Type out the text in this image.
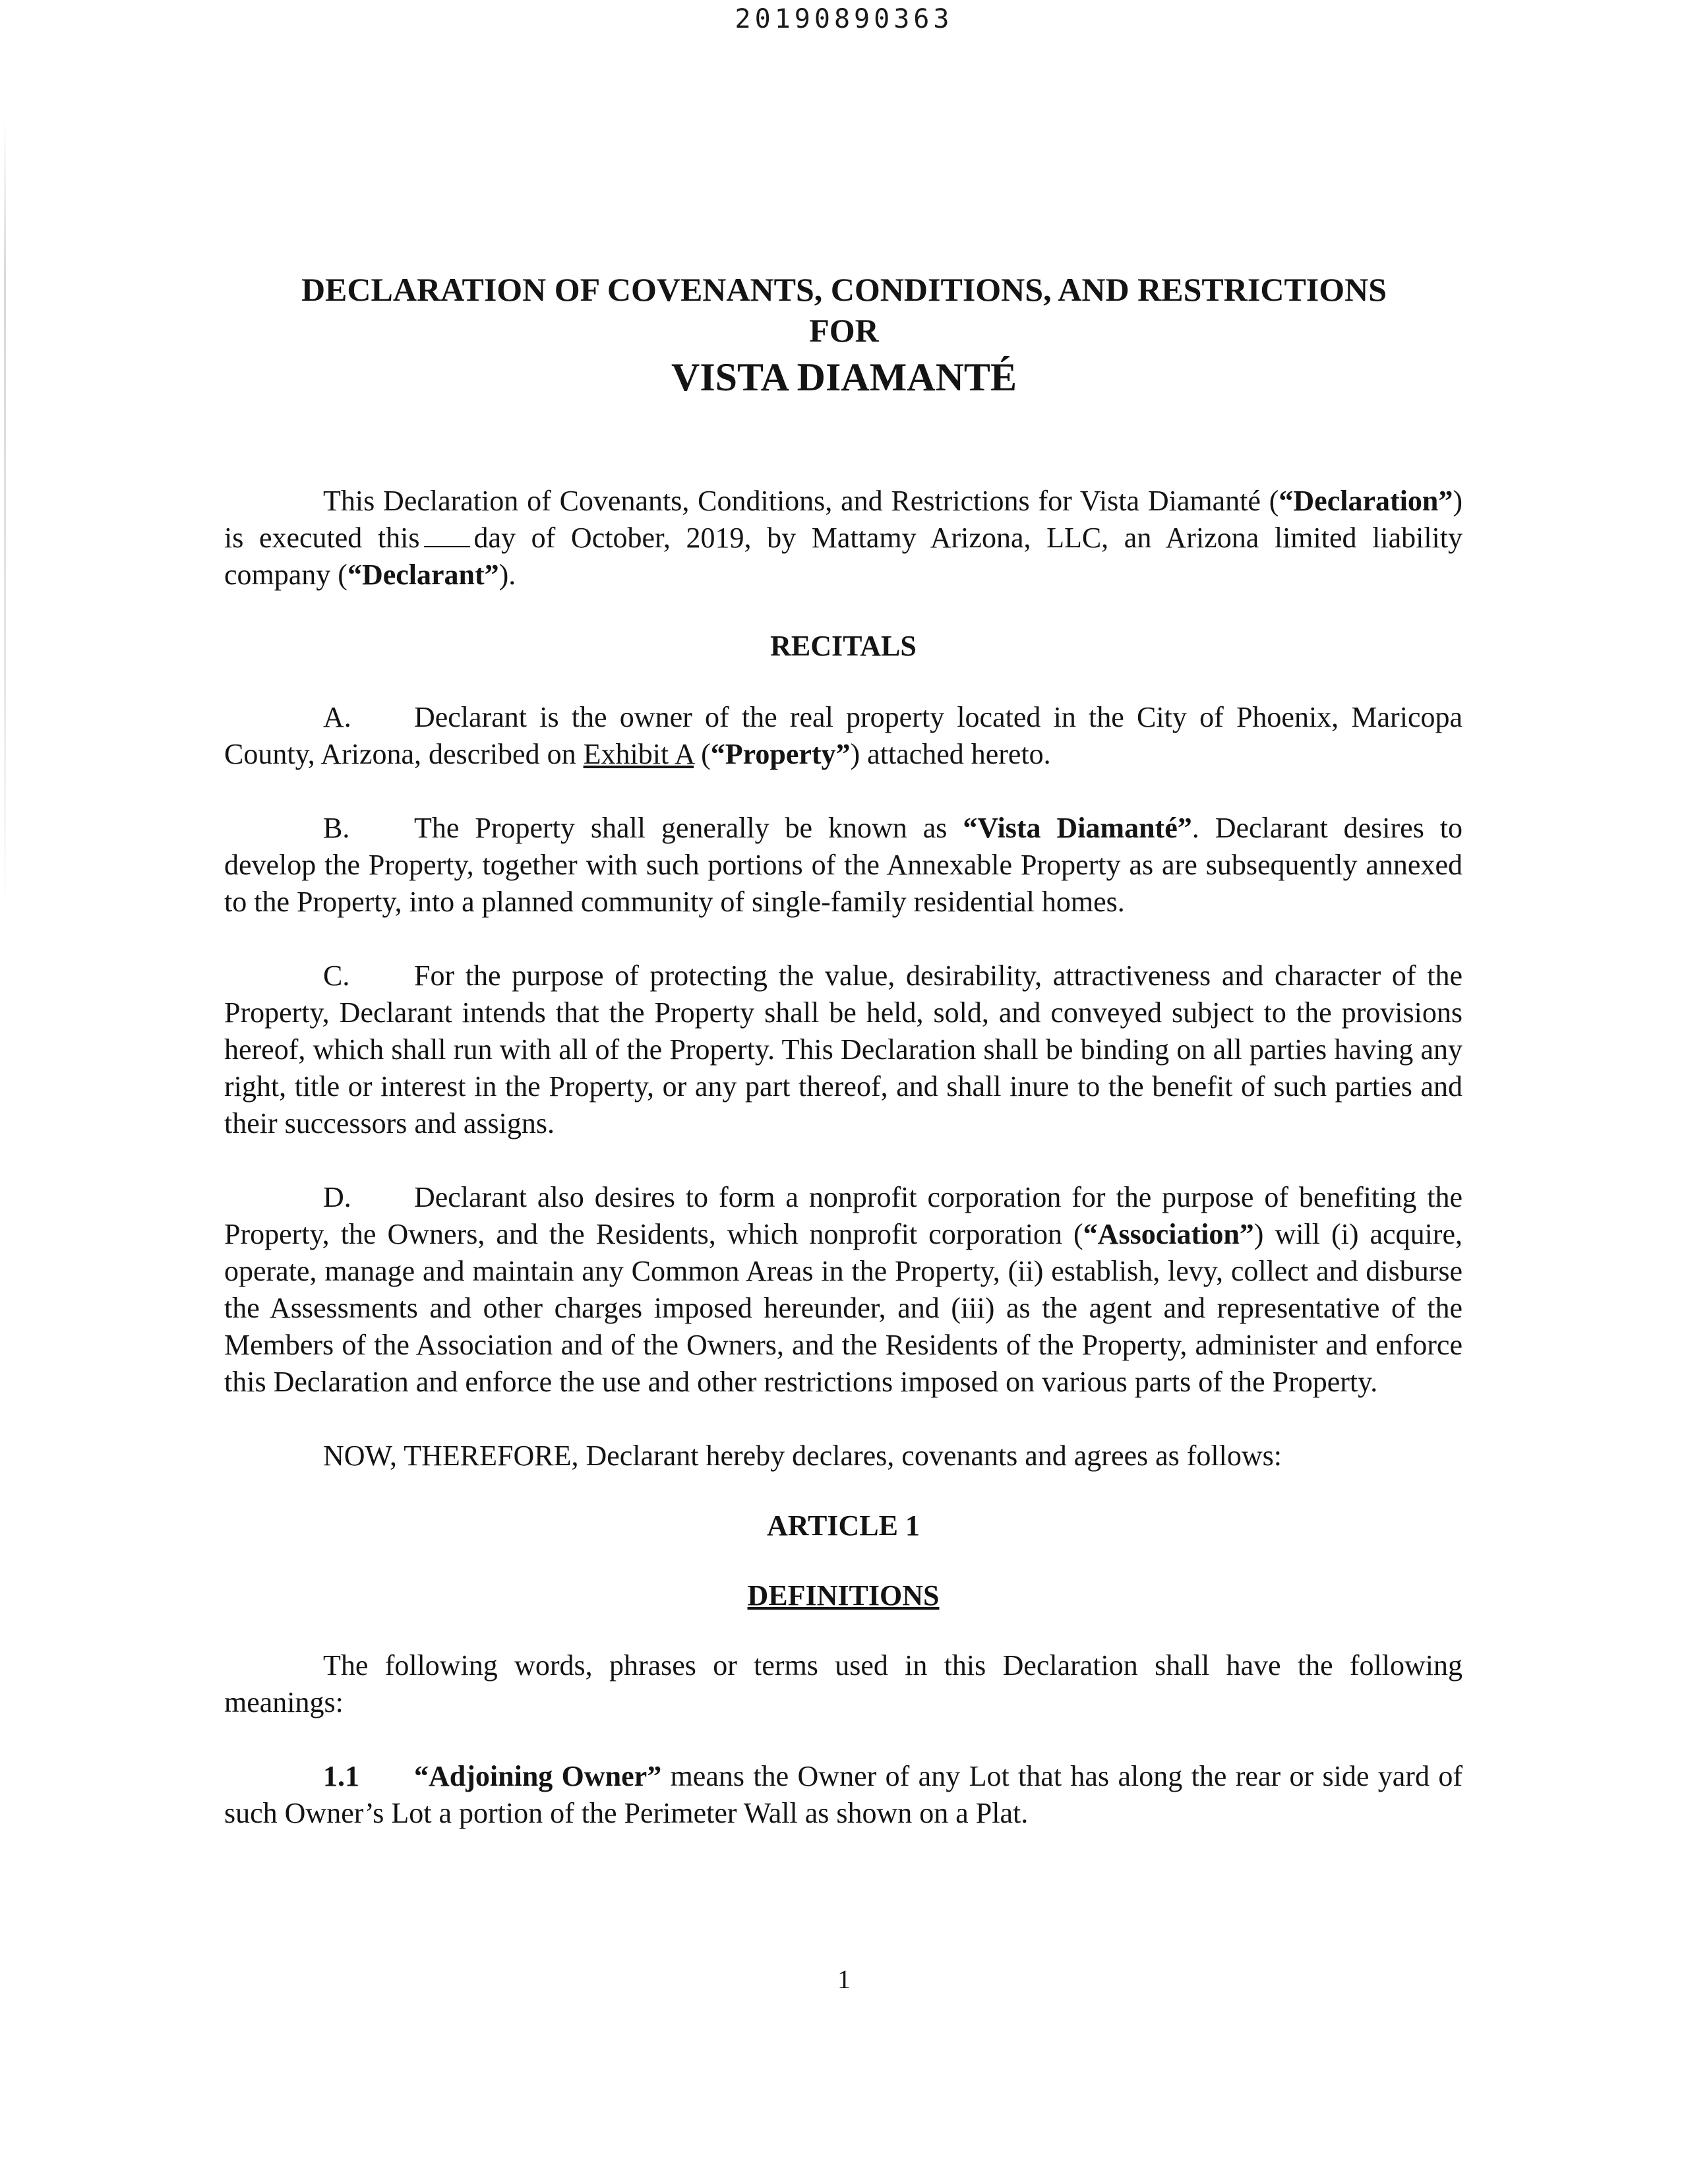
20190890363
DECLARATION OF COVENANTS, CONDITIONS, AND RESTRICTIONS
FOR
VISTA DIAMANTÉ

This Declaration of Covenants, Conditions, and Restrictions for Vista Diamanté (“Declaration”) is executed this day of October, 2019, by Mattamy Arizona, LLC, an Arizona limited liability company (“Declarant”).

RECITALS

A. Declarant is the owner of the real property located in the City of Phoenix, Maricopa County, Arizona, described on Exhibit A (“Property”) attached hereto.

B. The Property shall generally be known as “Vista Diamanté”. Declarant desires to develop the Property, together with such portions of the Annexable Property as are subsequently annexed to the Property, into a planned community of single-family residential homes.

C. For the purpose of protecting the value, desirability, attractiveness and character of the Property, Declarant intends that the Property shall be held, sold, and conveyed subject to the provisions hereof, which shall run with all of the Property. This Declaration shall be binding on all parties having any right, title or interest in the Property, or any part thereof, and shall inure to the benefit of such parties and their successors and assigns.

D. Declarant also desires to form a nonprofit corporation for the purpose of benefiting the Property, the Owners, and the Residents, which nonprofit corporation (“Association”) will (i) acquire, operate, manage and maintain any Common Areas in the Property, (ii) establish, levy, collect and disburse the Assessments and other charges imposed hereunder, and (iii) as the agent and representative of the Members of the Association and of the Owners, and the Residents of the Property, administer and enforce this Declaration and enforce the use and other restrictions imposed on various parts of the Property.

NOW, THEREFORE, Declarant hereby declares, covenants and agrees as follows:

ARTICLE 1
DEFINITIONS

The following words, phrases or terms used in this Declaration shall have the following meanings:

1.1 “Adjoining Owner” means the Owner of any Lot that has along the rear or side yard of such Owner’s Lot a portion of the Perimeter Wall as shown on a Plat.

1
